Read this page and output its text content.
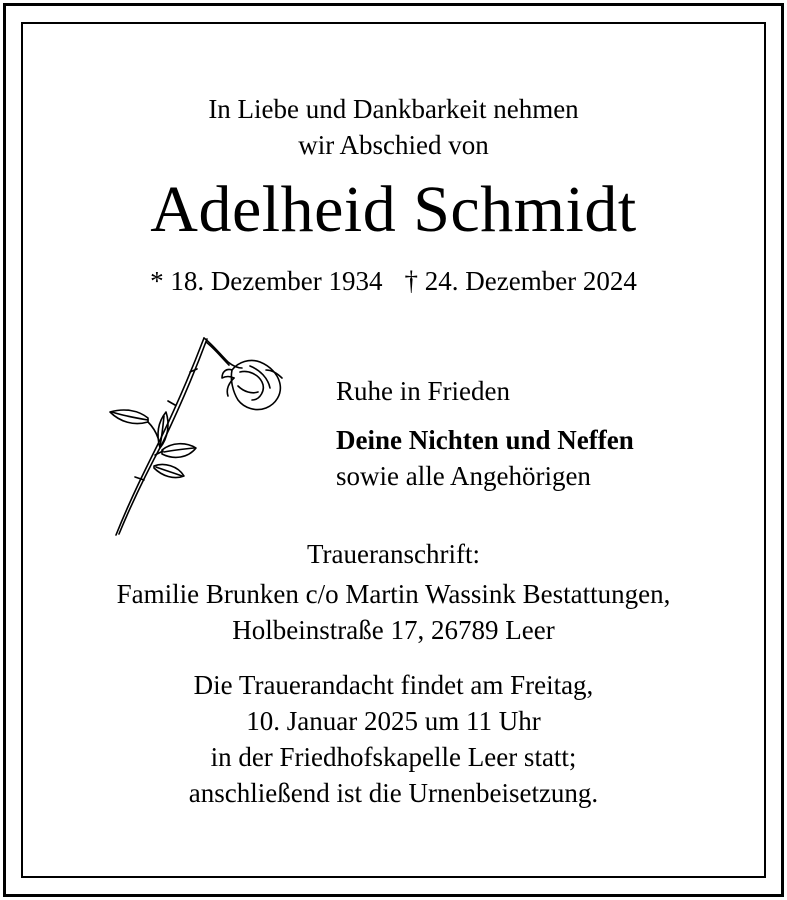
In Liebe und Dankbarkeit nehmen
wir Abschied von
Adelheid Schmidt
* 18. Dezember 1934 † 24. Dezember 2024
Ruhe in Frieden
Deine Nichten und Neffen
sowie alle Angehörigen
Traueranschrift:
Familie Brunken c/o Martin Wassink Bestattungen,
Holbeinstraße 17, 26789 Leer
Die Trauerandacht findet am Freitag,
10. Januar 2025 um 11 Uhr
in der Friedhofskapelle Leer statt;
anschließend ist die Urnenbeisetzung.
